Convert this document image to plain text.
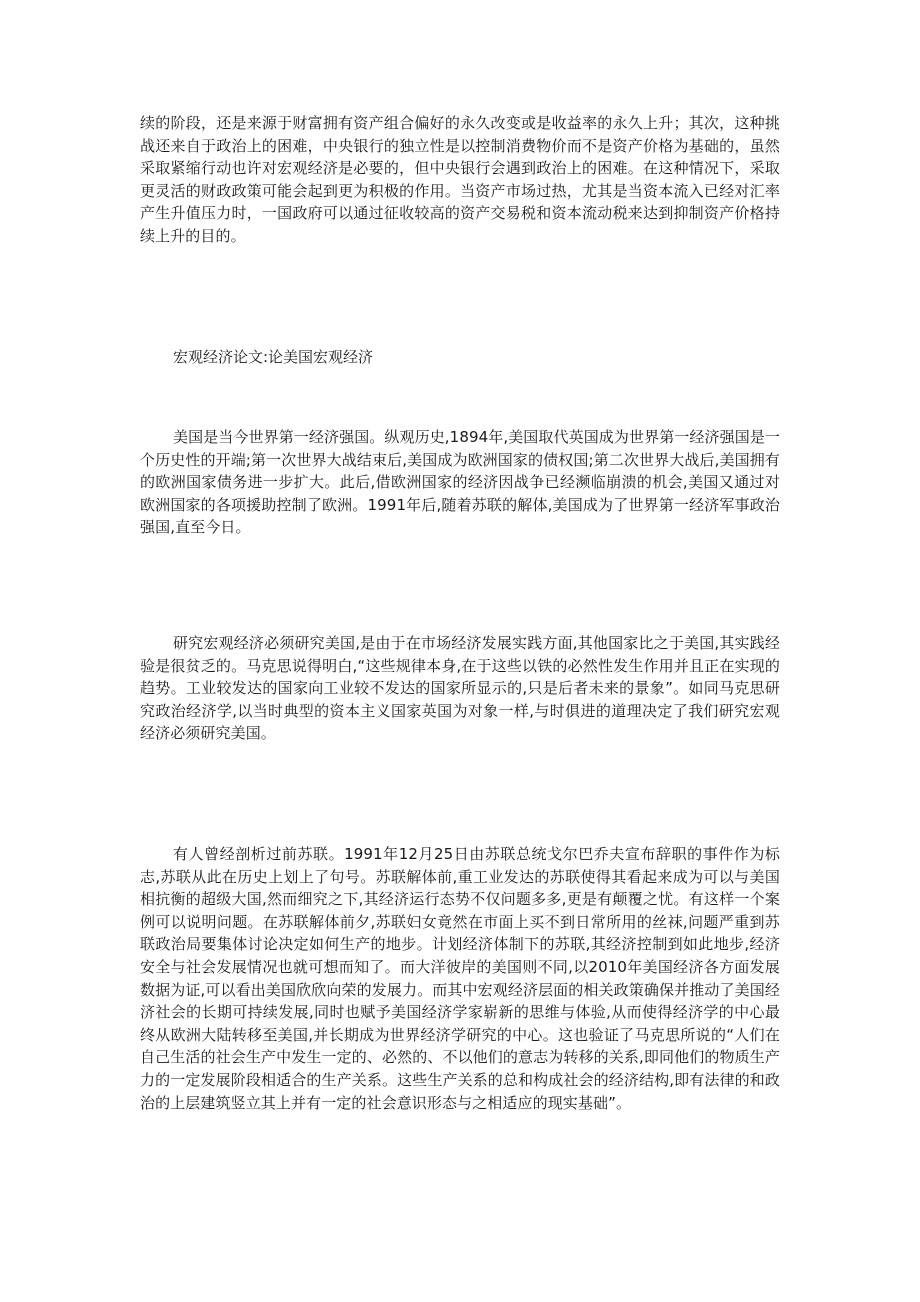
续的阶段，还是来源于财富拥有资产组合偏好的永久改变或是收益率的永久上升；其次，这种挑战还来自于政治上的困难，中央银行的独立性是以控制消费物价而不是资产价格为基础的，虽然采取紧缩行动也许对宏观经济是必要的，但中央银行会遇到政治上的困难。在这种情况下，采取更灵活的财政政策可能会起到更为积极的作用。当资产市场过热，尤其是当资本流入已经对汇率产生升值压力时，一国政府可以通过征收较高的资产交易税和资本流动税来达到抑制资产价格持续上升的目的。

宏观经济论文:论美国宏观经济

美国是当今世界第一经济强国。纵观历史,1894年,美国取代英国成为世界第一经济强国是一个历史性的开端;第一次世界大战结束后,美国成为欧洲国家的债权国;第二次世界大战后,美国拥有的欧洲国家债务进一步扩大。此后,借欧洲国家的经济因战争已经濒临崩溃的机会,美国又通过对欧洲国家的各项援助控制了欧洲。1991年后,随着苏联的解体,美国成为了世界第一经济军事政治强国,直至今日。

研究宏观经济必须研究美国,是由于在市场经济发展实践方面,其他国家比之于美国,其实践经验是很贫乏的。马克思说得明白,“这些规律本身,在于这些以铁的必然性发生作用并且正在实现的趋势。工业较发达的国家向工业较不发达的国家所显示的,只是后者未来的景象”。如同马克思研究政治经济学,以当时典型的资本主义国家英国为对象一样,与时俱进的道理决定了我们研究宏观经济必须研究美国。

有人曾经剖析过前苏联。1991年12月25日由苏联总统戈尔巴乔夫宣布辞职的事件作为标志,苏联从此在历史上划上了句号。苏联解体前,重工业发达的苏联使得其看起来成为可以与美国相抗衡的超级大国,然而细究之下,其经济运行态势不仅问题多多,更是有颠覆之忧。有这样一个案例可以说明问题。在苏联解体前夕,苏联妇女竟然在市面上买不到日常所用的丝袜,问题严重到苏联政治局要集体讨论决定如何生产的地步。计划经济体制下的苏联,其经济控制到如此地步,经济安全与社会发展情况也就可想而知了。而大洋彼岸的美国则不同,以2010年美国经济各方面发展数据为证,可以看出美国欣欣向荣的发展力。而其中宏观经济层面的相关政策确保并推动了美国经济社会的长期可持续发展,同时也赋予美国经济学家崭新的思维与体验,从而使得经济学的中心最终从欧洲大陆转移至美国,并长期成为世界经济学研究的中心。这也验证了马克思所说的“人们在自己生活的社会生产中发生一定的、必然的、不以他们的意志为转移的关系,即同他们的物质生产力的一定发展阶段相适合的生产关系。这些生产关系的总和构成社会的经济结构,即有法律的和政治的上层建筑竖立其上并有一定的社会意识形态与之相适应的现实基础”。
